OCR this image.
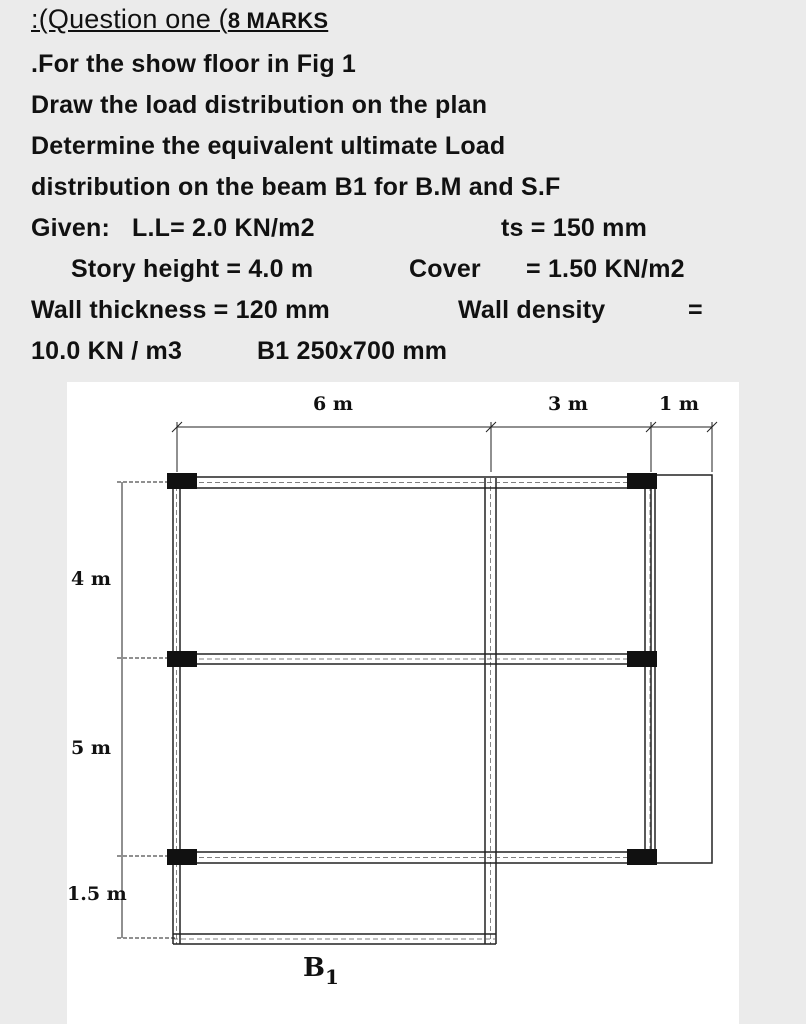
:(Question one (8 MARKS
.For the show floor in Fig 1
Draw the load distribution on the plan
Determine the equivalent ultimate Load
distribution on the beam B1 for B.M and S.F
Given: L.L= 2.0 KN/m2	ts = 150 mm
Story height = 4.0 m	Cover = 1.50 KN/m2
Wall thickness = 120 mm	Wall density	=
10.0 KN / m3	B1 250x700 mm
6 m	3 m	1 m
4 m
5 m
1.5 m
$B_1$
